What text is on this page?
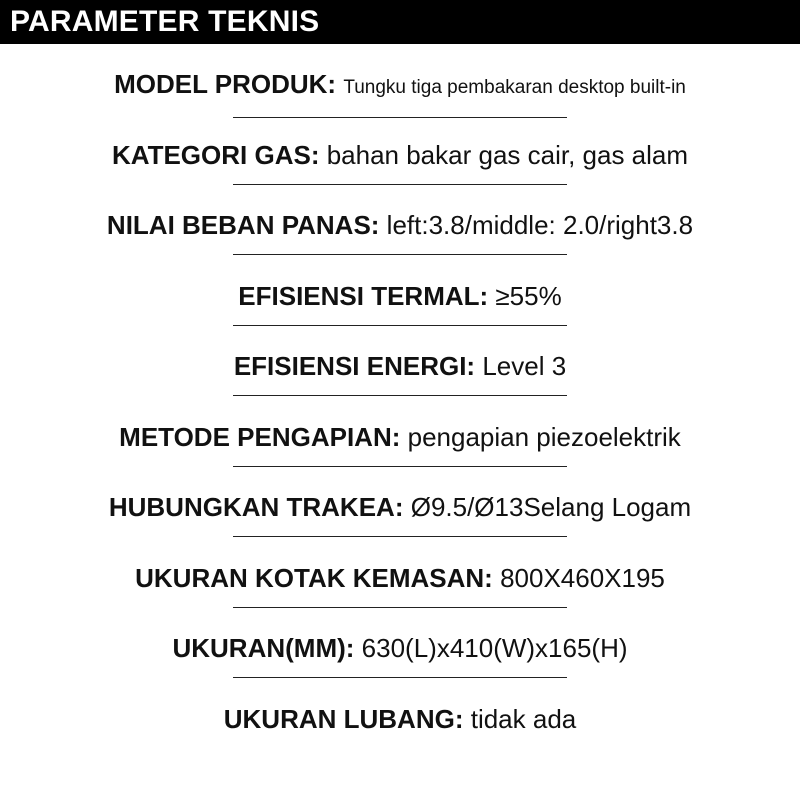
PARAMETER TEKNIS
MODEL PRODUK: Tungku tiga pembakaran desktop built-in
KATEGORI GAS: bahan bakar gas cair, gas alam
NILAI BEBAN PANAS: left:3.8/middle: 2.0/right3.8
EFISIENSI TERMAL: ≥55%
EFISIENSI ENERGI: Level 3
METODE PENGAPIAN: pengapian piezoelektrik
HUBUNGKAN TRAKEA: Ø9.5/Ø13Selang Logam
UKURAN KOTAK KEMASAN: 800X460X195
UKURAN(MM): 630(L)x410(W)x165(H)
UKURAN LUBANG: tidak ada
